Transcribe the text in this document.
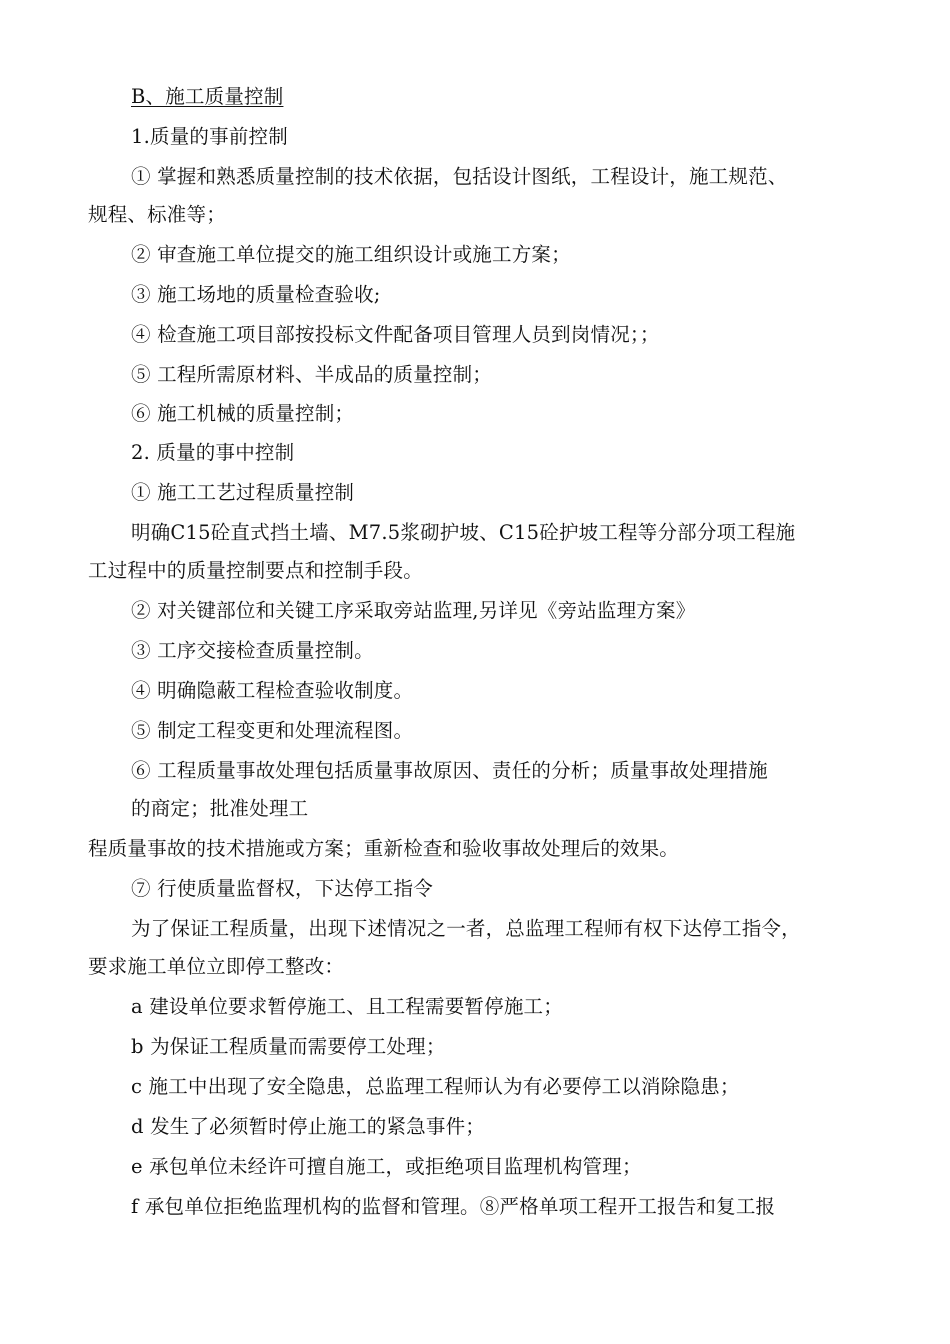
B、施工质量控制
1.质量的事前控制
① 掌握和熟悉质量控制的技术依据，包括设计图纸，工程设计，施工规范、
规程、标准等；
② 审查施工单位提交的施工组织设计或施工方案；
③ 施工场地的质量检查验收;
④ 检查施工项目部按投标文件配备项目管理人员到岗情况；；
⑤ 工程所需原材料、半成品的质量控制；
⑥ 施工机械的质量控制；
2. 质量的事中控制
① 施工工艺过程质量控制
明确C15砼直式挡土墙、M7.5浆砌护坡、C15砼护坡工程等分部分项工程施
工过程中的质量控制要点和控制手段。
② 对关键部位和关键工序采取旁站监理,另详见《旁站监理方案》
③ 工序交接检查质量控制。
④ 明确隐蔽工程检查验收制度。
⑤ 制定工程变更和处理流程图。
⑥ 工程质量事故处理包括质量事故原因、责任的分析；质量事故处理措施
的商定；批准处理工
程质量事故的技术措施或方案；重新检查和验收事故处理后的效果。
⑦ 行使质量监督权，下达停工指令
为了保证工程质量，出现下述情况之一者，总监理工程师有权下达停工指令，
要求施工单位立即停工整改：
a 建设单位要求暂停施工、且工程需要暂停施工；
b 为保证工程质量而需要停工处理；
c 施工中出现了安全隐患，总监理工程师认为有必要停工以消除隐患；
d 发生了必须暂时停止施工的紧急事件；
e 承包单位未经许可擅自施工，或拒绝项目监理机构管理；
f 承包单位拒绝监理机构的监督和管理。⑧严格单项工程开工报告和复工报
